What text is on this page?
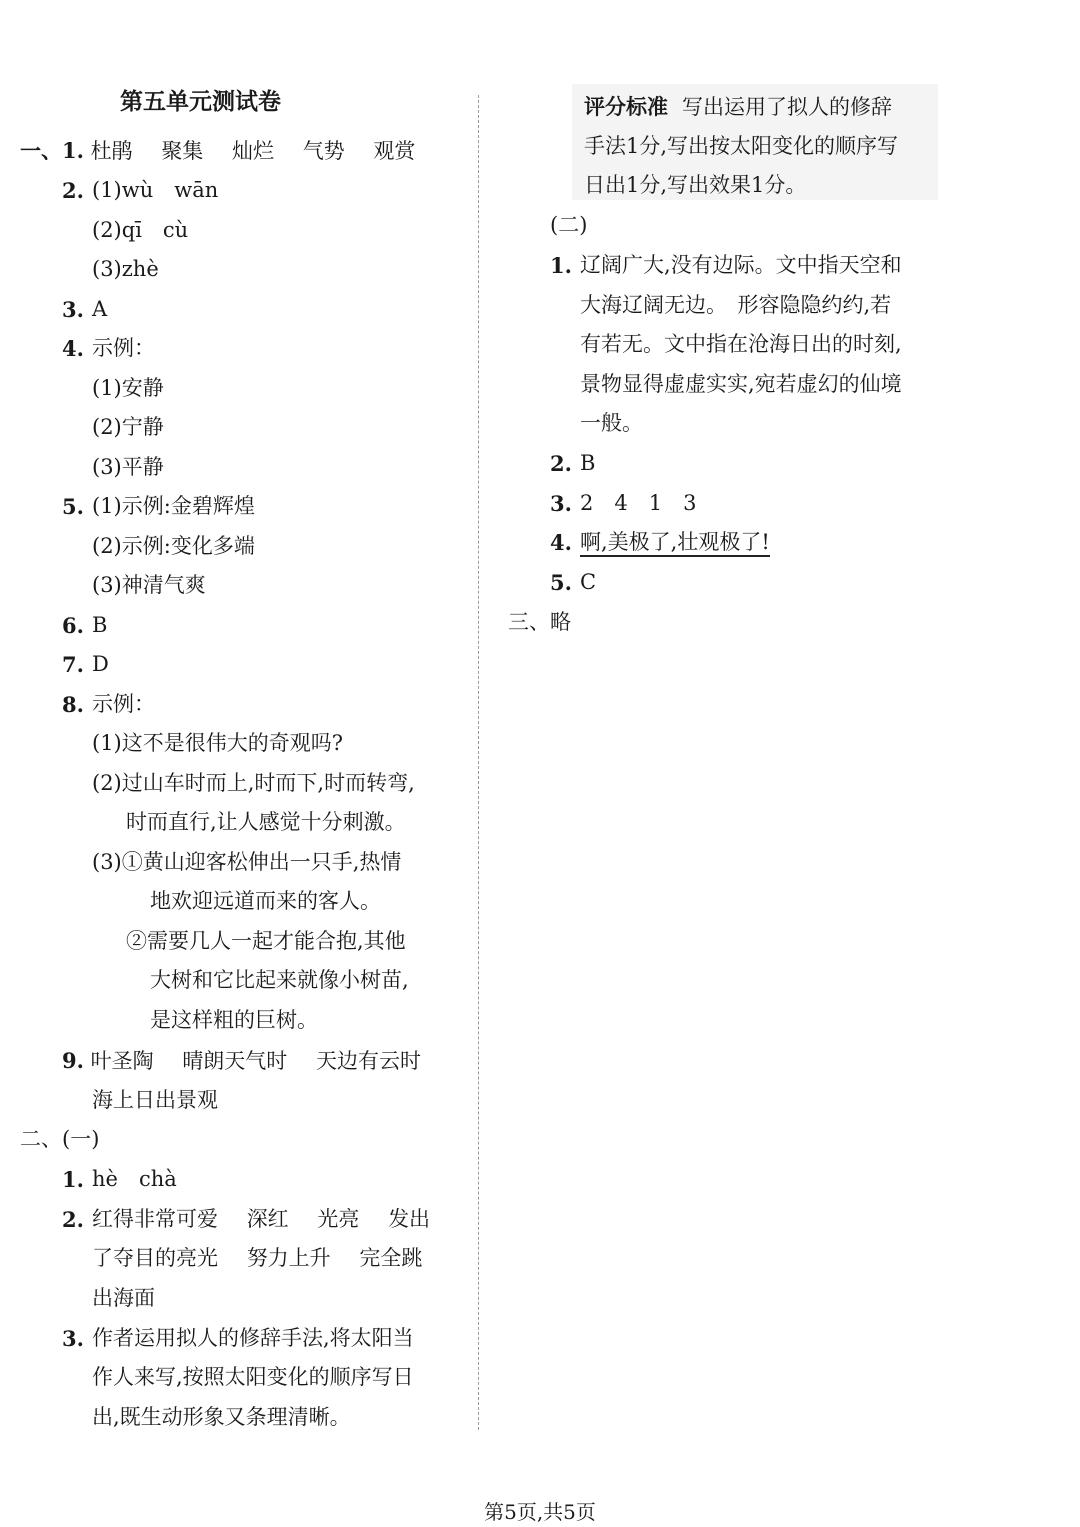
第五单元测试卷
一、 1. 杜鹃 聚集 灿烂 气势 观赏
2. (1)wù　wān
(2)qī　cù
(3)zhè
3. A
4. 示例：
(1)安静
(2)宁静
(3)平静
5. (1)示例:金碧辉煌
(2)示例:变化多端
(3)神清气爽
6. B
7. D
8. 示例：
(1)这不是很伟大的奇观吗?
(2)过山车时而上,时而下,时而转弯,
时而直行,让人感觉十分刺激。
(3)①黄山迎客松伸出一只手,热情
地欢迎远道而来的客人。
②需要几人一起才能合抱,其他
大树和它比起来就像小树苗,
是这样粗的巨树。
9. 叶圣陶 晴朗天气时 天边有云时
海上日出景观
二、(一)
1. hè　chà
2. 红得非常可爱 深红 光亮 发出
了夺目的亮光 努力上升 完全跳
出海面
3. 作者运用拟人的修辞手法,将太阳当
作人来写,按照太阳变化的顺序写日
出,既生动形象又条理清晰。
评分标准 写出运用了拟人的修辞
手法1分,写出按太阳变化的顺序写
日出1分,写出效果1分。
(二)
1. 辽阔广大,没有边际。文中指天空和
大海辽阔无边。　形容隐隐约约,若
有若无。文中指在沧海日出的时刻,
景物显得虚虚实实,宛若虚幻的仙境
一般。
2. B
3. 2　4　1　3
4. 啊,美极了,壮观极了!
5. C
三、略
第5页,共5页
